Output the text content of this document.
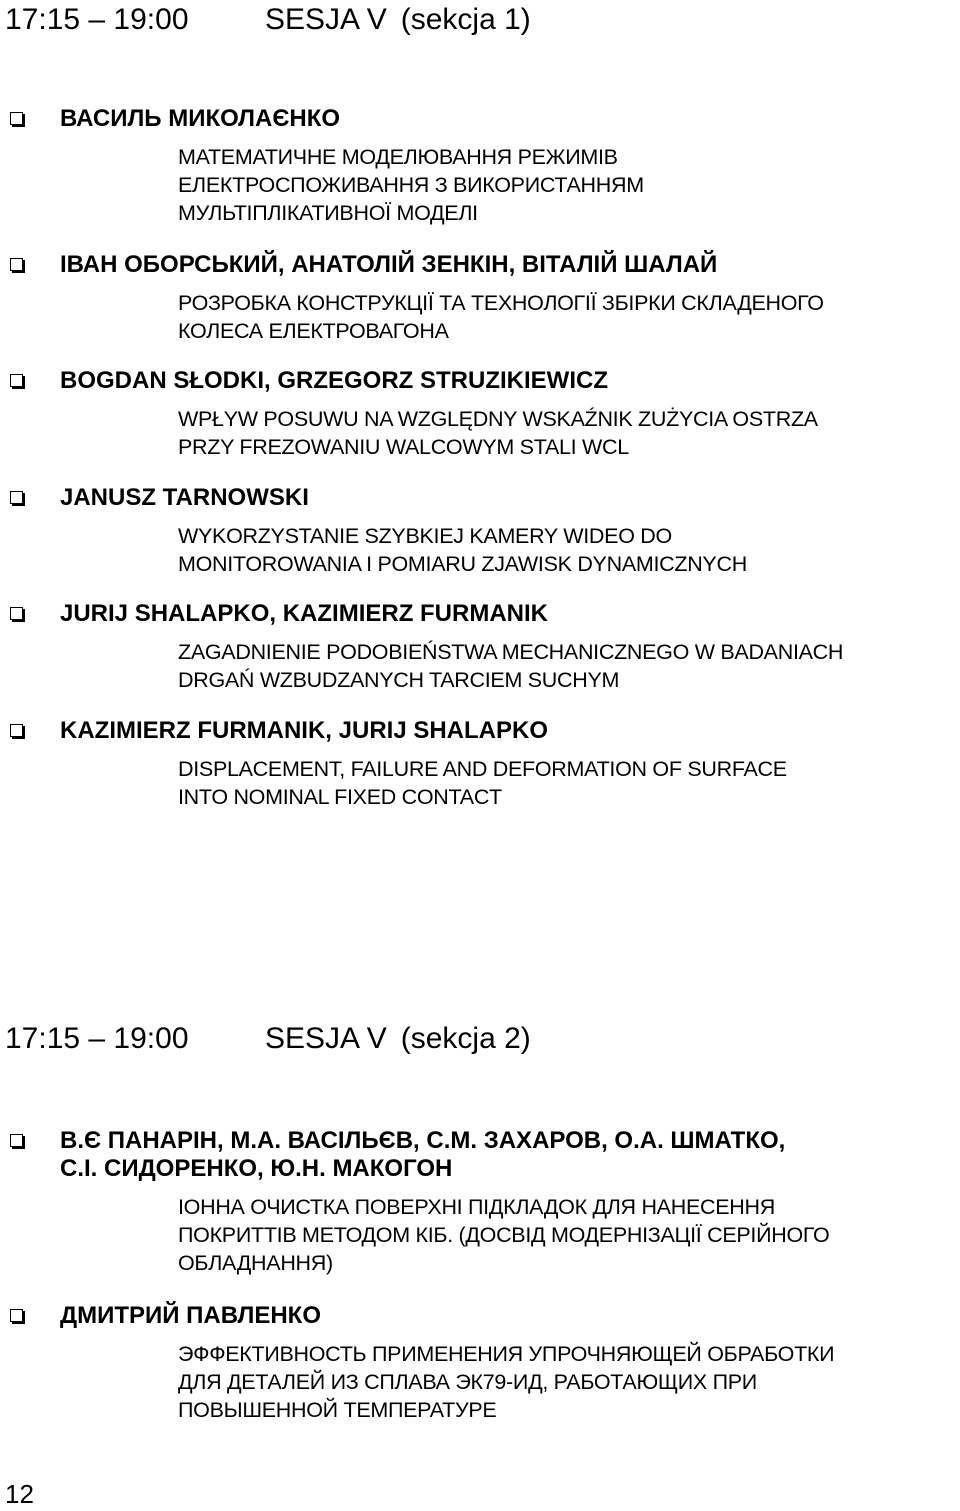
17:15 – 19:00	SESJA V (sekcja 1)
ВАСИЛЬ МИКОЛАЄНКО
МАТЕМАТИЧНЕ МОДЕЛЮВАННЯ РЕЖИМІВ
ЕЛЕКТРОСПОЖИВАННЯ З ВИКОРИСТАННЯМ
МУЛЬТІПЛІКАТИВНОЇ МОДЕЛІ
ІВАН ОБОРСЬКИЙ, АНАТОЛІЙ ЗЕНКІН, ВІТАЛІЙ ШАЛАЙ
РОЗРОБКА КОНСТРУКЦІЇ ТА ТЕХНОЛОГІЇ ЗБІРКИ СКЛАДЕНОГО
КОЛЕСА ЕЛЕКТРОВАГОНА
BOGDAN SŁODKI, GRZEGORZ STRUZIKIEWICZ
WPŁYW POSUWU NA WZGLĘDNY WSKAŹNIK ZUŻYCIA OSTRZA
PRZY FREZOWANIU WALCOWYM STALI WCL
JANUSZ TARNOWSKI
WYKORZYSTANIE SZYBKIEJ KAMERY WIDEO DO
MONITOROWANIA I POMIARU ZJAWISK DYNAMICZNYCH
JURIJ SHALAPKO, KAZIMIERZ FURMANIK
ZAGADNIENIE PODOBIEŃSTWA MECHANICZNEGO W BADANIACH
DRGAŃ WZBUDZANYCH TARCIEM SUCHYM
KAZIMIERZ FURMANIK, JURIJ SHALAPKO
DISPLACEMENT, FAILURE AND DEFORMATION OF SURFACE
INTO NOMINAL FIXED CONTACT
17:15 – 19:00	SESJA V (sekcja 2)
В.Є ПАНАРІН, М.А. ВАСІЛЬЄВ, С.М. ЗАХАРОВ, О.А. ШМАТКО,
С.І. СИДОРЕНКО, Ю.Н. МАКОГОН
ІОННА ОЧИСТКА ПОВЕРХНІ ПІДКЛАДОК ДЛЯ НАНЕСЕННЯ
ПОКРИТТІВ МЕТОДОМ КІБ. (ДОСВІД МОДЕРНІЗАЦІЇ СЕРІЙНОГО
ОБЛАДНАННЯ)
ДМИТРИЙ ПАВЛЕНКО
ЭФФЕКТИВНОСТЬ ПРИМЕНЕНИЯ УПРОЧНЯЮЩЕЙ ОБРАБОТКИ
ДЛЯ ДЕТАЛЕЙ ИЗ СПЛАВА ЭК79-ИД, РАБОТАЮЩИХ ПРИ
ПОВЫШЕННОЙ ТЕМПЕРАТУРЕ
12
